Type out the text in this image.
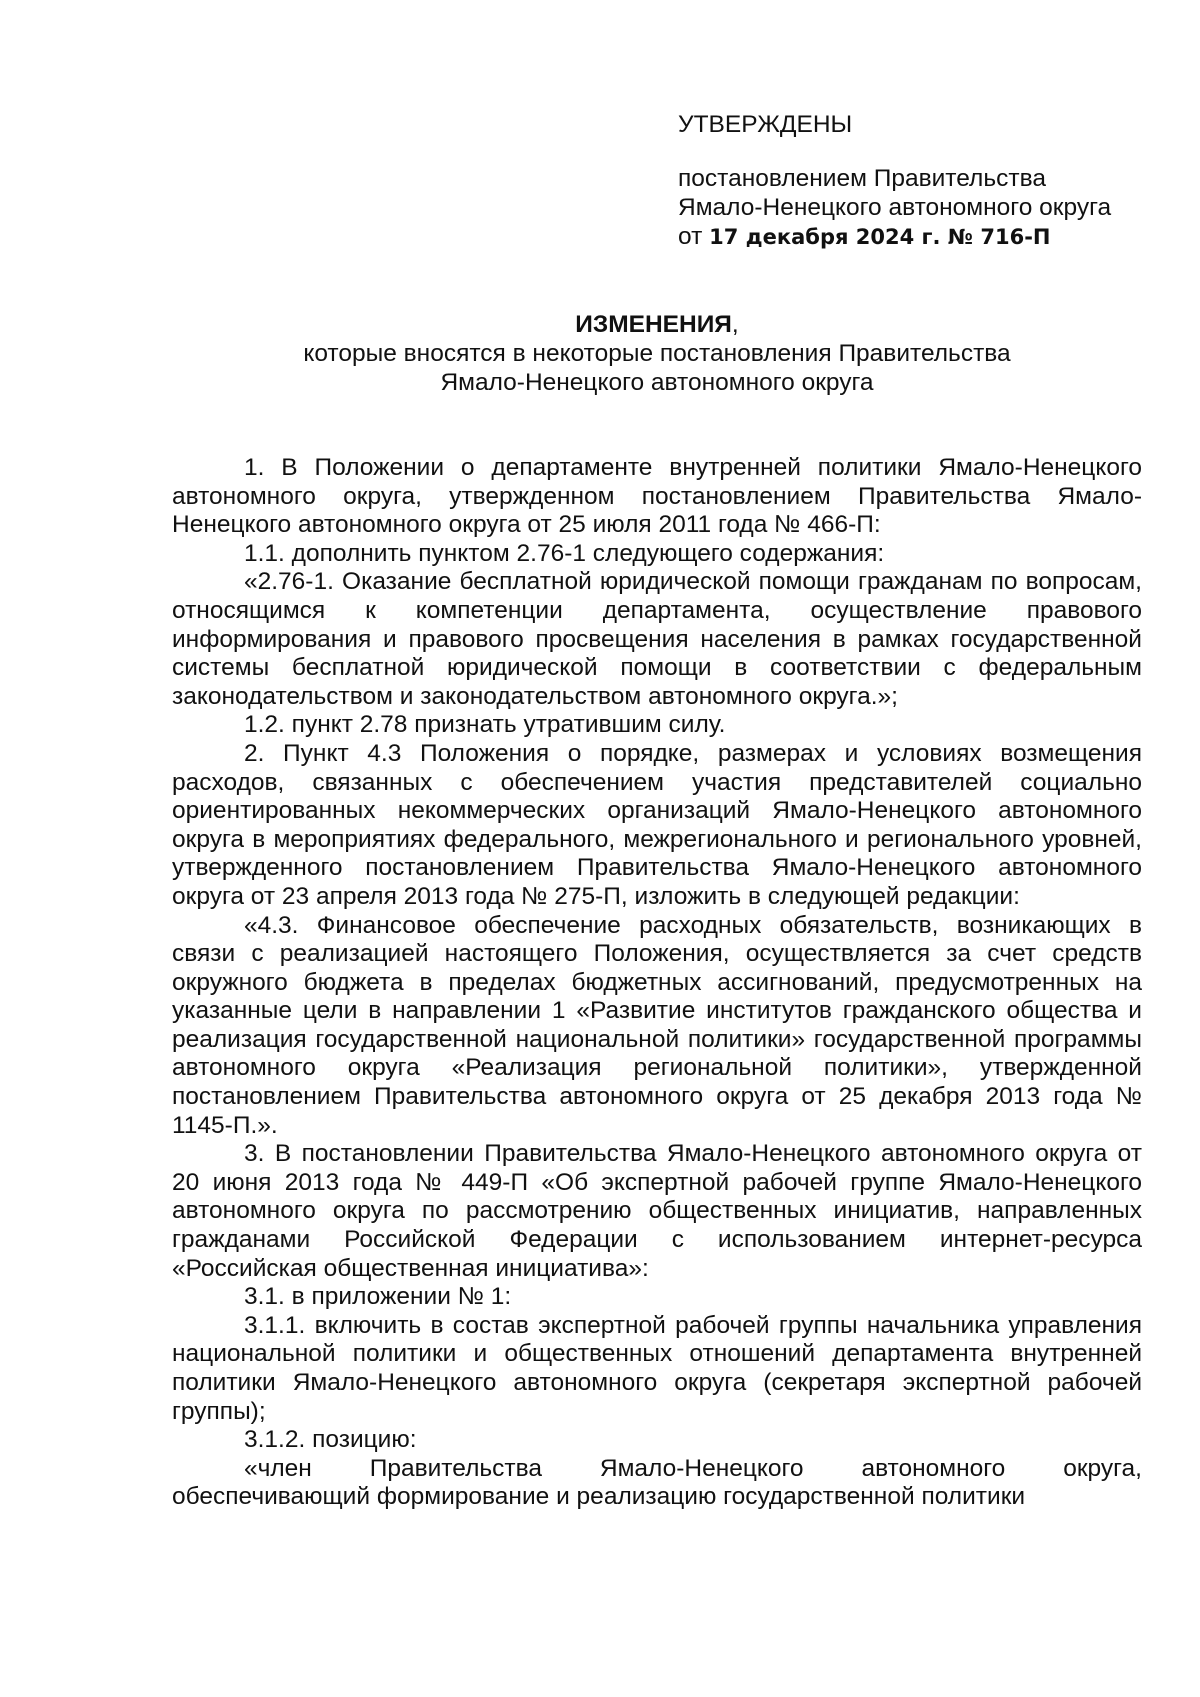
УТВЕРЖДЕНЫ
постановлением Правительства
Ямало-Ненецкого автономного округа
от 17 декабря 2024 г. № 716-П
ИЗМЕНЕНИЯ,
которые вносятся в некоторые постановления Правительства
Ямало-Ненецкого автономного округа

1. В Положении о департаменте внутренней политики Ямало-Ненецкого автономного округа, утвержденном постановлением Правительства Ямало-Ненецкого автономного округа от 25 июля 2011 года № 466-П:

1.1. дополнить пунктом 2.76-1 следующего содержания:

«2.76-1. Оказание бесплатной юридической помощи гражданам по вопросам, относящимся к компетенции департамента, осуществление правового информирования и правового просвещения населения в рамках государственной системы бесплатной юридической помощи в соответствии с федеральным законодательством и законодательством автономного округа.»;

1.2. пункт 2.78 признать утратившим силу.

2. Пункт 4.3 Положения о порядке, размерах и условиях возмещения расходов, связанных с обеспечением участия представителей социально ориентированных некоммерческих организаций Ямало-Ненецкого автономного округа в мероприятиях федерального, межрегионального и регионального уровней, утвержденного постановлением Правительства Ямало-Ненецкого автономного округа от 23 апреля 2013 года № 275-П, изложить в следующей редакции:

«4.3. Финансовое обеспечение расходных обязательств, возникающих в связи с реализацией настоящего Положения, осуществляется за счет средств окружного бюджета в пределах бюджетных ассигнований, предусмотренных на указанные цели в направлении 1 «Развитие институтов гражданского общества и реализация государственной национальной политики» государственной программы автономного округа «Реализация региональной политики», утвержденной постановлением Правительства автономного округа от 25 декабря 2013 года № 1145-П.».

3. В постановлении Правительства Ямало-Ненецкого автономного округа от 20 июня 2013 года № 449-П «Об экспертной рабочей группе Ямало-Ненецкого автономного округа по рассмотрению общественных инициатив, направленных гражданами Российской Федерации с использованием интернет-ресурса «Российская общественная инициатива»:

3.1. в приложении № 1:

3.1.1. включить в состав экспертной рабочей группы начальника управления национальной политики и общественных отношений департамента внутренней политики Ямало-Ненецкого автономного округа (секретаря экспертной рабочей группы);

3.1.2. позицию:

«член Правительства Ямало-Ненецкого автономного округа, обеспечивающий формирование и реализацию государственной политики
